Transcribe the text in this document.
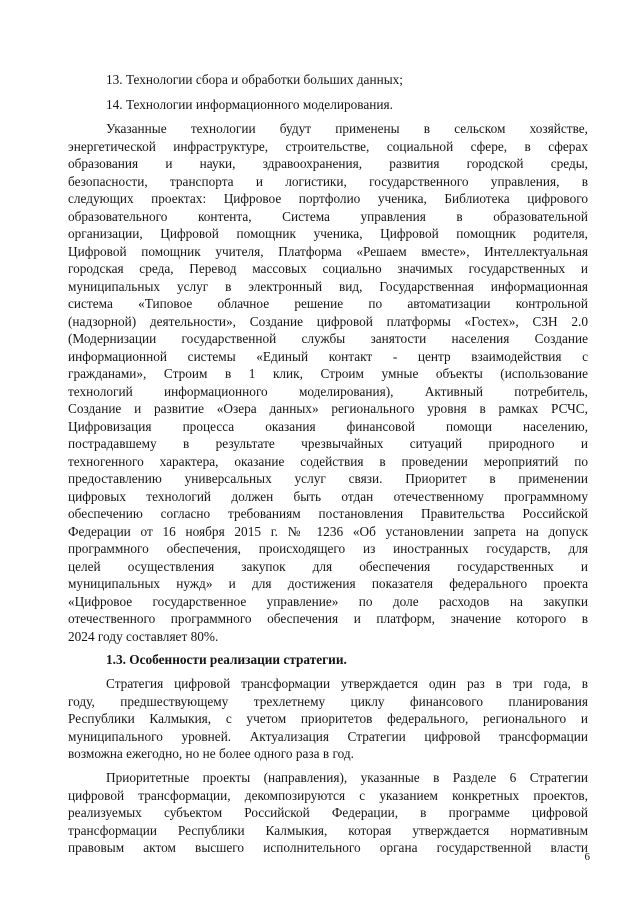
13. Технологии сбора и обработки больших данных;
14. Технологии информационного моделирования.
Указанные технологии будут применены в сельском хозяйстве,
энергетической инфраструктуре, строительстве, социальной сфере, в сферах
образования и науки, здравоохранения, развития городской среды,
безопасности, транспорта и логистики, государственного управления, в
следующих проектах: Цифровое портфолио ученика, Библиотека цифрового
образовательного контента, Система управления в образовательной
организации, Цифровой помощник ученика, Цифровой помощник родителя,
Цифровой помощник учителя, Платформа «Решаем вместе», Интеллектуальная
городская среда, Перевод массовых социально значимых государственных и
муниципальных услуг в электронный вид, Государственная информационная
система «Типовое облачное решение по автоматизации контрольной
(надзорной) деятельности», Создание цифровой платформы «Гостех», СЗН 2.0
(Модернизации государственной службы занятости населения Создание
информационной системы «Единый контакт - центр взаимодействия с
гражданами», Строим в 1 клик, Строим умные объекты (использование
технологий информационного моделирования), Активный потребитель,
Создание и развитие «Озера данных» регионального уровня в рамках РСЧС,
Цифровизация процесса оказания финансовой помощи населению,
пострадавшему в результате чрезвычайных ситуаций природного и
техногенного характера, оказание содействия в проведении мероприятий по
предоставлению универсальных услуг связи. Приоритет в применении
цифровых технологий должен быть отдан отечественному программному
обеспечению согласно требованиям постановления Правительства Российской
Федерации от 16 ноября 2015 г. № 1236 «Об установлении запрета на допуск
программного обеспечения, происходящего из иностранных государств, для
целей осуществления закупок для обеспечения государственных и
муниципальных нужд» и для достижения показателя федерального проекта
«Цифровое государственное управление» по доле расходов на закупки
отечественного программного обеспечения и платформ, значение которого в
2024 году составляет 80%.
1.3. Особенности реализации стратегии.
Стратегия цифровой трансформации утверждается один раз в три года, в
году, предшествующему трехлетнему циклу финансового планирования
Республики Калмыкия, с учетом приоритетов федерального, регионального и
муниципального уровней. Актуализация Стратегии цифровой трансформации
возможна ежегодно, но не более одного раза в год.
Приоритетные проекты (направления), указанные в Разделе 6 Стратегии
цифровой трансформации, декомпозируются с указанием конкретных проектов,
реализуемых субъектом Российской Федерации, в программе цифровой
трансформации Республики Калмыкия, которая утверждается нормативным
правовым актом высшего исполнительного органа государственной власти
6
